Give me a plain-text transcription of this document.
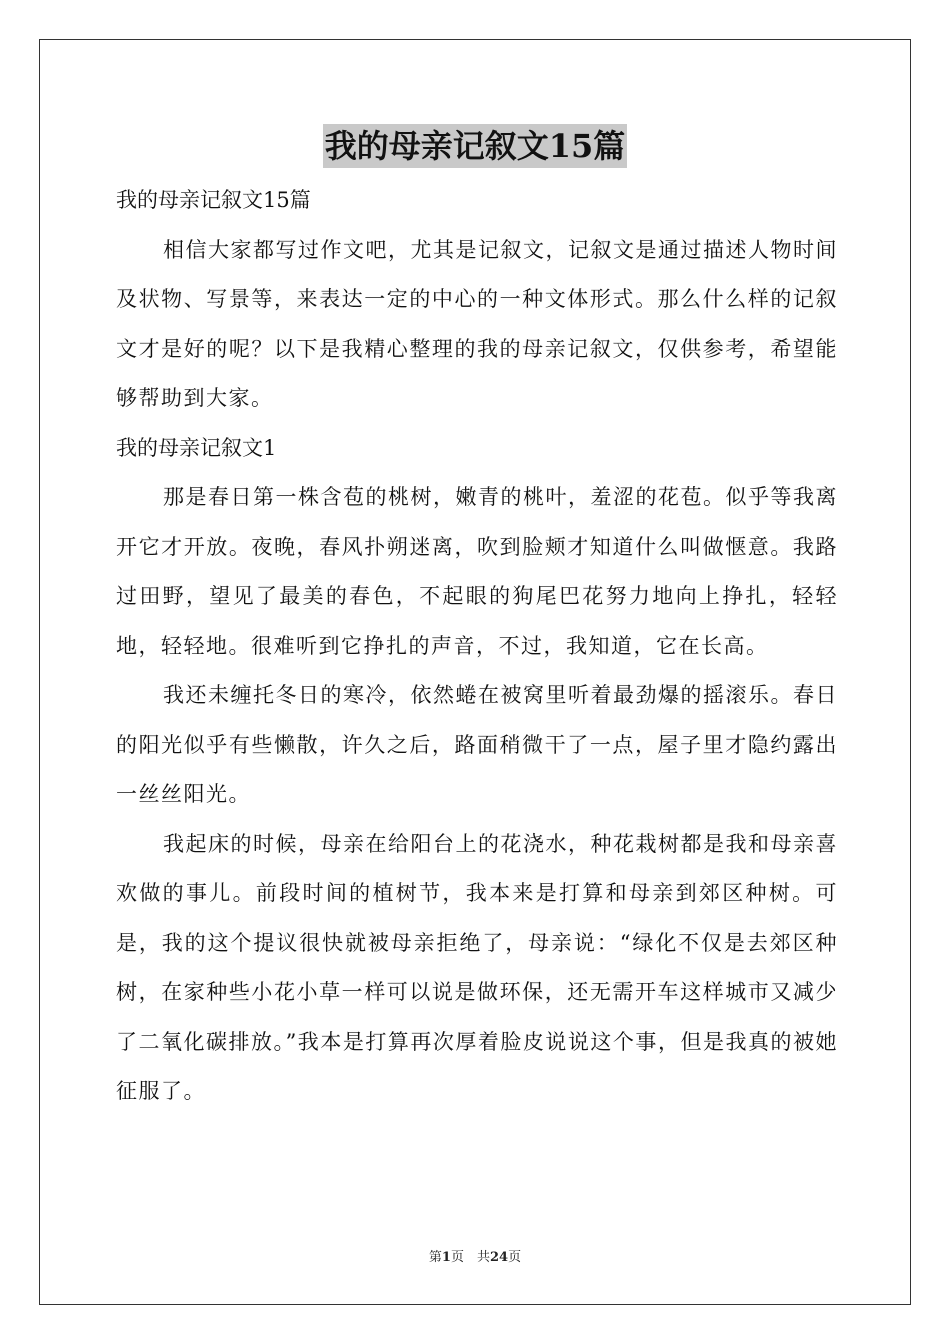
我的母亲记叙文15篇

我的母亲记叙文15篇

相信大家都写过作文吧，尤其是记叙文，记叙文是通过描述人物时间及状物、写景等，来表达一定的中心的一种文体形式。那么什么样的记叙文才是好的呢？以下是我精心整理的我的母亲记叙文，仅供参考，希望能够帮助到大家。

我的母亲记叙文1

那是春日第一株含苞的桃树，嫩青的桃叶，羞涩的花苞。似乎等我离开它才开放。夜晚，春风扑朔迷离，吹到脸颊才知道什么叫做惬意。我路过田野，望见了最美的春色，不起眼的狗尾巴花努力地向上挣扎，轻轻地，轻轻地。很难听到它挣扎的声音，不过，我知道，它在长高。

我还未缠托冬日的寒冷，依然蜷在被窝里听着最劲爆的摇滚乐。春日的阳光似乎有些懒散，许久之后，路面稍微干了一点，屋子里才隐约露出一丝丝阳光。

我起床的时候，母亲在给阳台上的花浇水，种花栽树都是我和母亲喜欢做的事儿。前段时间的植树节，我本来是打算和母亲到郊区种树。可是，我的这个提议很快就被母亲拒绝了，母亲说：“绿化不仅是去郊区种树，在家种些小花小草一样可以说是做环保，还无需开车这样城市又减少了二氧化碳排放。”我本是打算再次厚着脸皮说说这个事，但是我真的被她征服了。

第1页　共24页
